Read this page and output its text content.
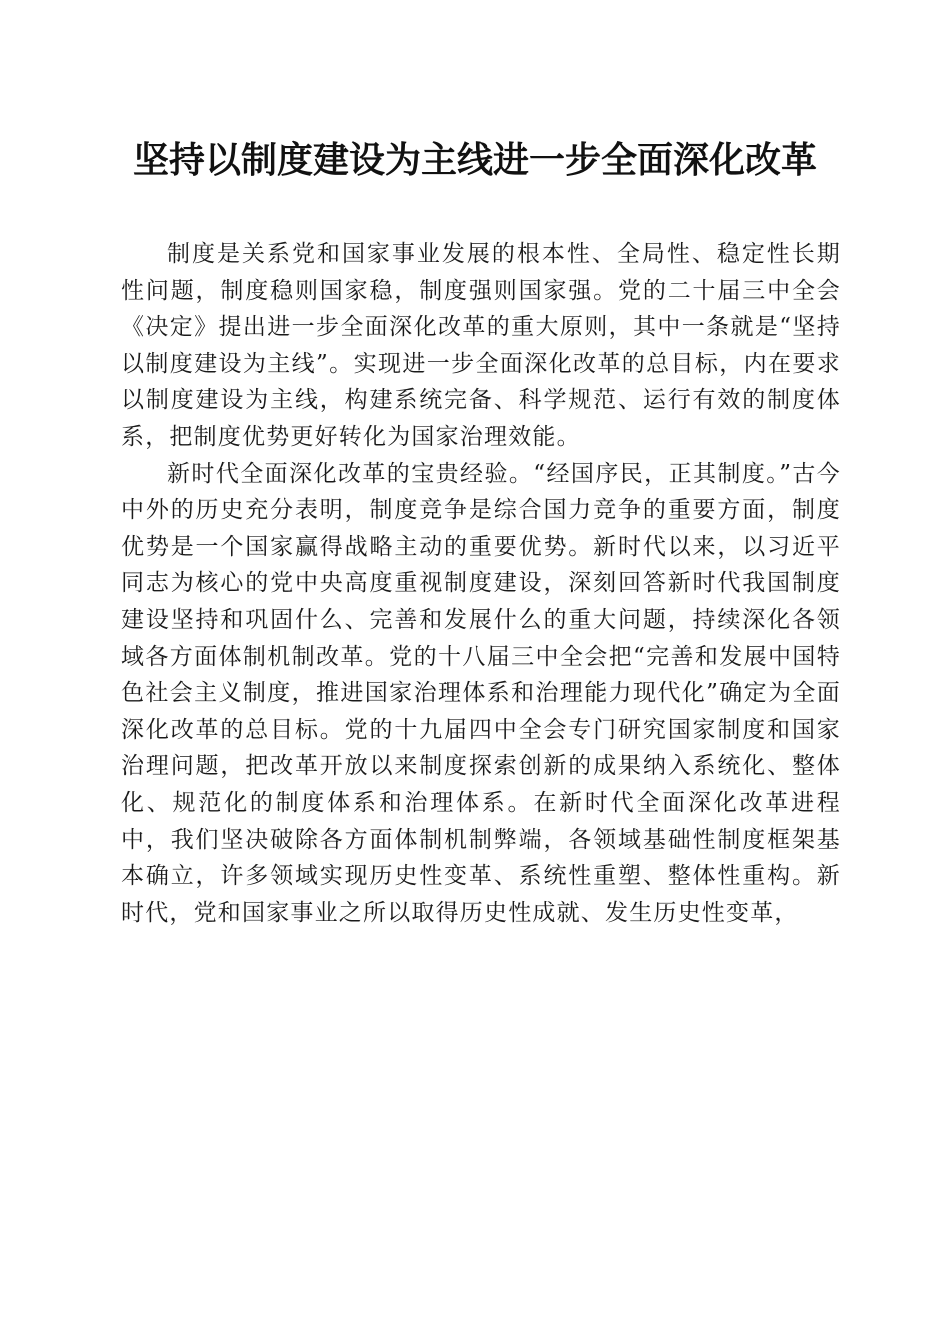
坚持以制度建设为主线进一步全面深化改革

制度是关系党和国家事业发展的根本性、全局性、稳定性长期性问题，制度稳则国家稳，制度强则国家强。党的二十届三中全会《决定》提出进一步全面深化改革的重大原则，其中一条就是“坚持以制度建设为主线”。实现进一步全面深化改革的总目标，内在要求以制度建设为主线，构建系统完备、科学规范、运行有效的制度体系，把制度优势更好转化为国家治理效能。

新时代全面深化改革的宝贵经验。“经国序民，正其制度。”古今中外的历史充分表明，制度竞争是综合国力竞争的重要方面，制度优势是一个国家赢得战略主动的重要优势。新时代以来，以习近平同志为核心的党中央高度重视制度建设，深刻回答新时代我国制度建设坚持和巩固什么、完善和发展什么的重大问题，持续深化各领域各方面体制机制改革。党的十八届三中全会把“完善和发展中国特色社会主义制度，推进国家治理体系和治理能力现代化”确定为全面深化改革的总目标。党的十九届四中全会专门研究国家制度和国家治理问题，把改革开放以来制度探索创新的成果纳入系统化、整体化、规范化的制度体系和治理体系。在新时代全面深化改革进程中，我们坚决破除各方面体制机制弊端，各领域基础性制度框架基本确立，许多领域实现历史性变革、系统性重塑、整体性重构。新时代，党和国家事业之所以取得历史性成就、发生历史性变革，
